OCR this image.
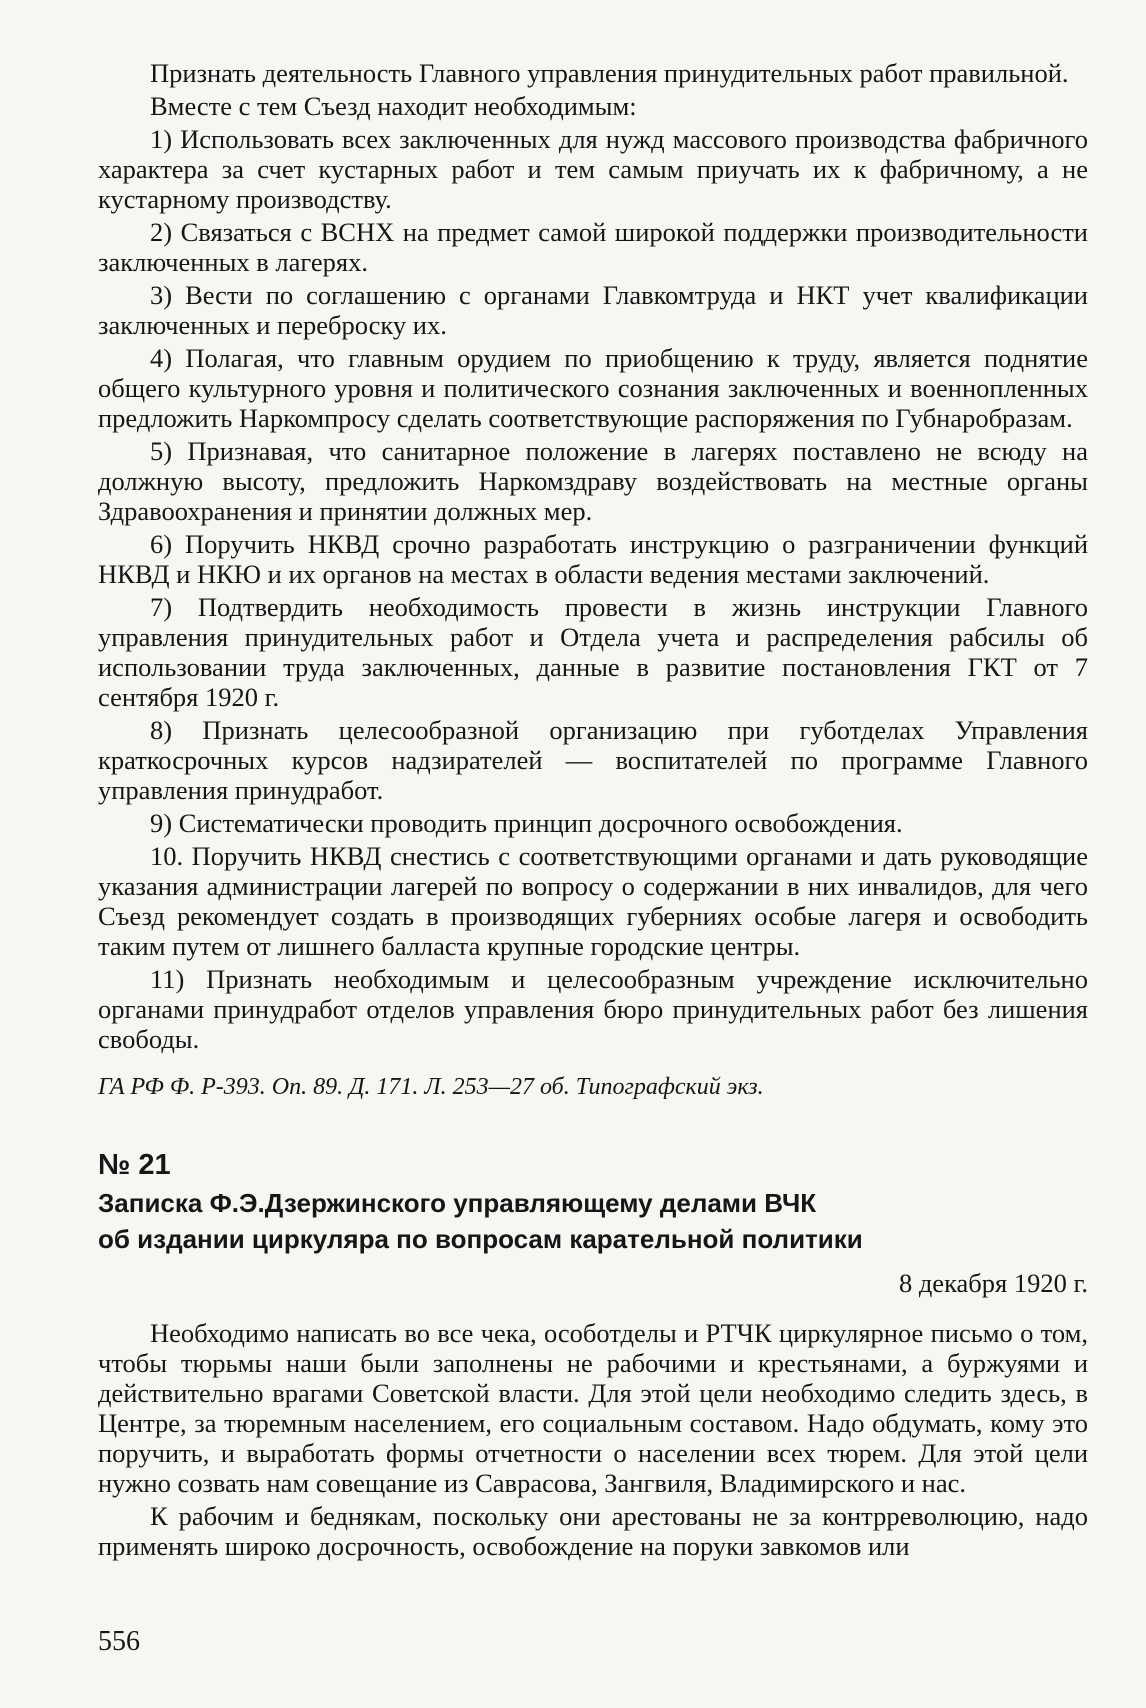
Признать деятельность Главного управления принудительных работ правильной.

Вместе с тем Съезд находит необходимым:

1) Использовать всех заключенных для нужд массового производства фабричного характера за счет кустарных работ и тем самым приучать их к фабричному, а не кустарному производству.

2) Связаться с ВСНХ на предмет самой широкой поддержки производительности заключенных в лагерях.

3) Вести по соглашению с органами Главкомтруда и НКТ учет квалификации заключенных и переброску их.

4) Полагая, что главным орудием по приобщению к труду, является поднятие общего культурного уровня и политического сознания заключенных и военнопленных предложить Наркомпросу сделать соответствующие распоряжения по Губнаробразам.

5) Признавая, что санитарное положение в лагерях поставлено не всюду на должную высоту, предложить Наркомздраву воздействовать на местные органы Здравоохранения и принятии должных мер.

6) Поручить НКВД срочно разработать инструкцию о разграничении функций НКВД и НКЮ и их органов на местах в области ведения местами заключений.

7) Подтвердить необходимость провести в жизнь инструкции Главного управления принудительных работ и Отдела учета и распределения рабсилы об использовании труда заключенных, данные в развитие постановления ГКТ от 7 сентября 1920 г.

8) Признать целесообразной организацию при губотделах Управления краткосрочных курсов надзирателей — воспитателей по программе Главного управления принудработ.

9) Систематически проводить принцип досрочного освобождения.

10. Поручить НКВД снестись с соответствующими органами и дать руководящие указания администрации лагерей по вопросу о содержании в них инвалидов, для чего Съезд рекомендует создать в производящих губерниях особые лагеря и освободить таким путем от лишнего балласта крупные городские центры.

11) Признать необходимым и целесообразным учреждение исключительно органами принудработ отделов управления бюро принудительных работ без лишения свободы.

ГА РФ Ф. Р-393. Оп. 89. Д. 171. Л. 253—27 об. Типографский экз.

№ 21
Записка Ф.Э.Дзержинского управляющему делами ВЧК
об издании циркуляра по вопросам карательной политики
8 декабря 1920 г.

Необходимо написать во все чека, особотделы и РТЧК циркулярное письмо о том, чтобы тюрьмы наши были заполнены не рабочими и крестьянами, а буржуями и действительно врагами Советской власти. Для этой цели необходимо следить здесь, в Центре, за тюремным населением, его социальным составом. Надо обдумать, кому это поручить, и выработать формы отчетности о населении всех тюрем. Для этой цели нужно созвать нам совещание из Саврасова, Зангвиля, Владимирского и нас.

К рабочим и беднякам, поскольку они арестованы не за контрреволюцию, надо применять широко досрочность, освобождение на поруки завкомов или

556
